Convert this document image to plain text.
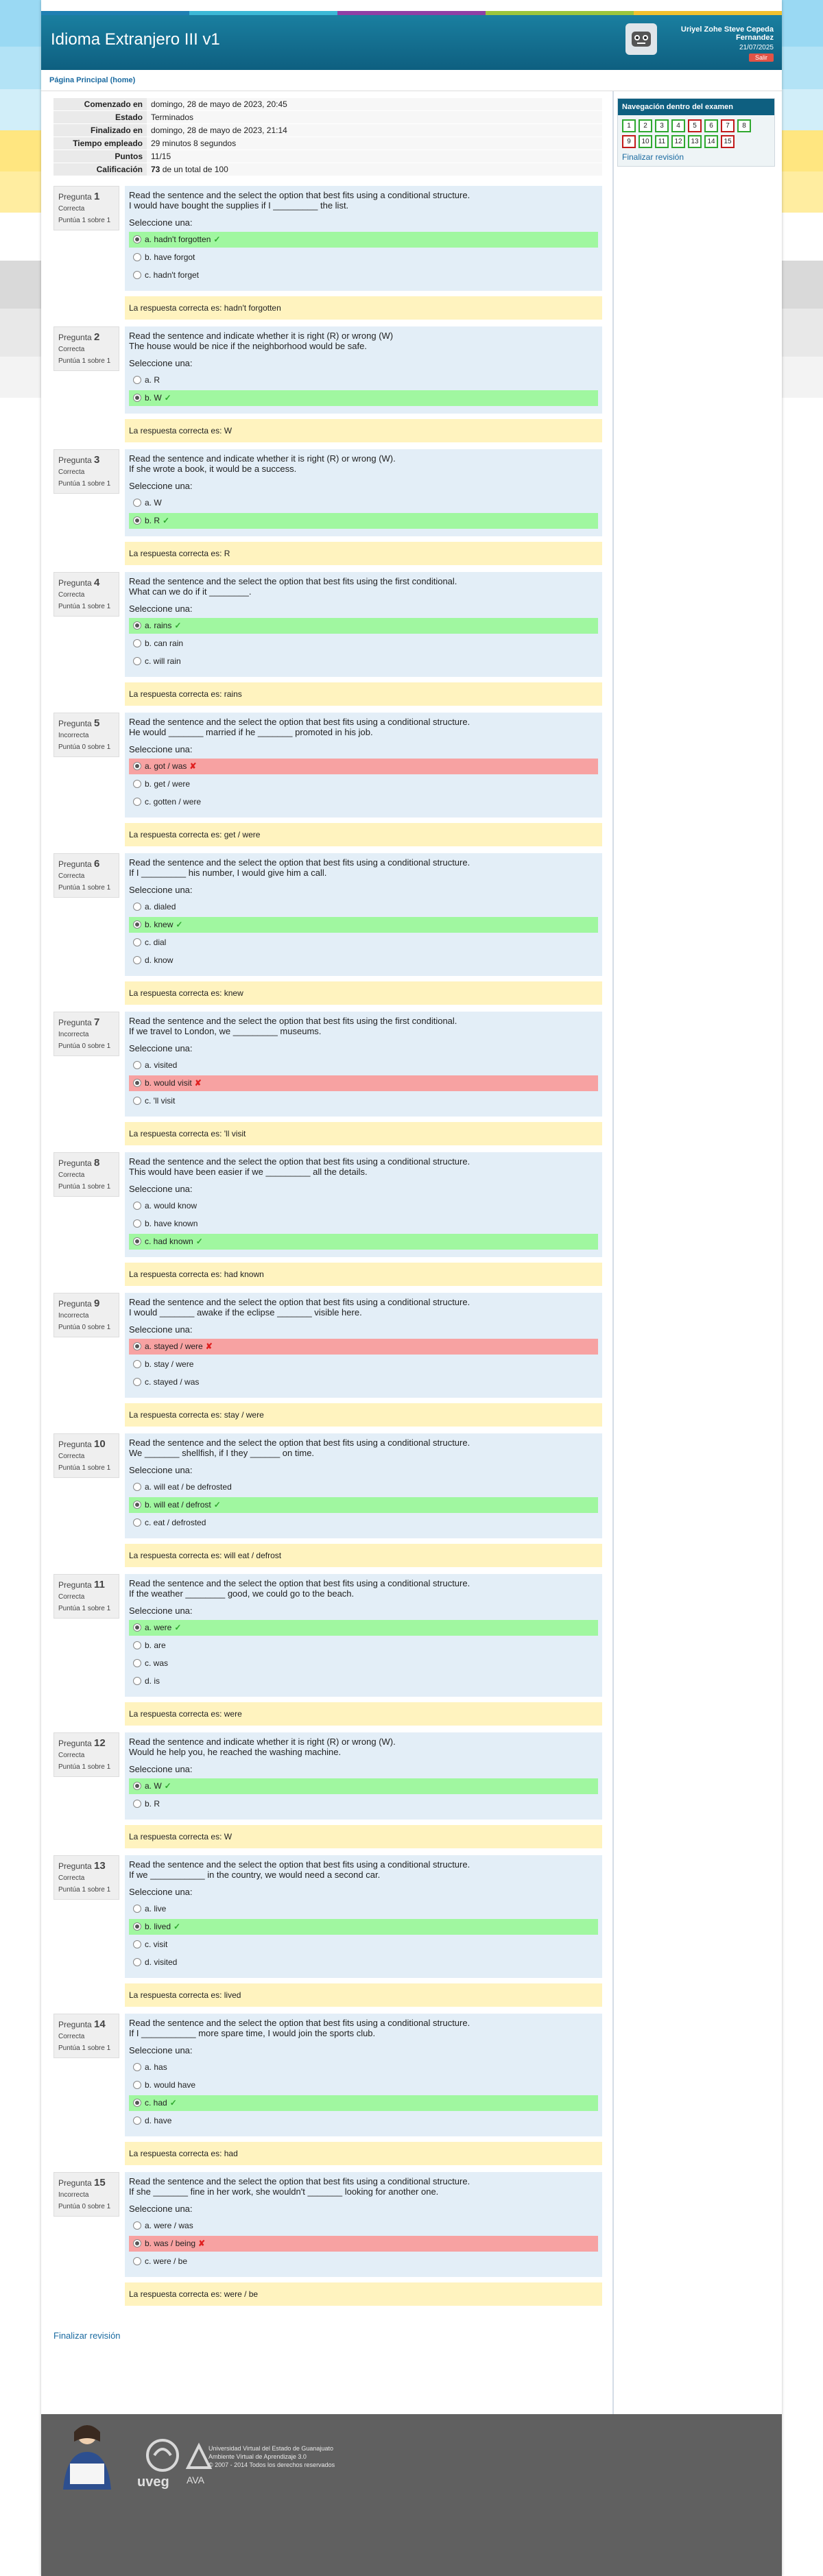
Idioma Extranjero III v1
Uriyel Zohe Steve Cepeda Fernandez
21/07/2025
Salir
Página Principal (home)
Comenzado en	domingo, 28 de mayo de 2023, 20:45
Estado	Terminados
Finalizado en	domingo, 28 de mayo de 2023, 21:14
Tiempo empleado	29 minutos 8 segundos
Puntos	11/15
Calificación	73 de un total de 100
Pregunta 1
Correcta
Puntúa 1 sobre 1
Read the sentence and the select the option that best fits using a conditional structure.
I would have bought the supplies if I _________ the list.
Seleccione una:
a. hadn't forgotten ✓
b. have forgot
c. hadn't forget
La respuesta correcta es: hadn't forgotten
Pregunta 2
Correcta
Puntúa 1 sobre 1
Read the sentence and indicate whether it is right (R) or wrong (W)
The house would be nice if the neighborhood would be safe.
Seleccione una:
a. R
b. W ✓
La respuesta correcta es: W
Pregunta 3
Correcta
Puntúa 1 sobre 1
Read the sentence and indicate whether it is right (R) or wrong (W).
If she wrote a book, it would be a success.
Seleccione una:
a. W
b. R ✓
La respuesta correcta es: R
Pregunta 4
Correcta
Puntúa 1 sobre 1
Read the sentence and the select the option that best fits using the first conditional.
What can we do if it ________.
Seleccione una:
a. rains ✓
b. can rain
c. will rain
La respuesta correcta es: rains
Pregunta 5
Incorrecta
Puntúa 0 sobre 1
Read the sentence and the select the option that best fits using a conditional structure.
He would _______ married if he _______ promoted in his job.
Seleccione una:
a. got / was ✘
b. get / were
c. gotten / were
La respuesta correcta es: get / were
Pregunta 6
Correcta
Puntúa 1 sobre 1
Read the sentence and the select the option that best fits using a conditional structure.
If I _________ his number, I would give him a call.
Seleccione una:
a. dialed
b. knew ✓
c. dial
d. know
La respuesta correcta es: knew
Pregunta 7
Incorrecta
Puntúa 0 sobre 1
Read the sentence and the select the option that best fits using the first conditional.
If we travel to London, we _________ museums.
Seleccione una:
a. visited
b. would visit ✘
c. 'll visit
La respuesta correcta es: 'll visit
Pregunta 8
Correcta
Puntúa 1 sobre 1
Read the sentence and the select the option that best fits using a conditional structure.
This would have been easier if we _________ all the details.
Seleccione una:
a. would know
b. have known
c. had known ✓
La respuesta correcta es: had known
Pregunta 9
Incorrecta
Puntúa 0 sobre 1
Read the sentence and the select the option that best fits using a conditional structure.
I would _______ awake if the eclipse _______ visible here.
Seleccione una:
a. stayed / were ✘
b. stay / were
c. stayed / was
La respuesta correcta es: stay / were
Pregunta 10
Correcta
Puntúa 1 sobre 1
Read the sentence and the select the option that best fits using a conditional structure.
We _______ shellfish, if I they ______ on time.
Seleccione una:
a. will eat / be defrosted
b. will eat / defrost ✓
c. eat / defrosted
La respuesta correcta es: will eat / defrost
Pregunta 11
Correcta
Puntúa 1 sobre 1
Read the sentence and the select the option that best fits using a conditional structure.
If the weather ________ good, we could go to the beach.
Seleccione una:
a. were ✓
b. are
c. was
d. is
La respuesta correcta es: were
Pregunta 12
Correcta
Puntúa 1 sobre 1
Read the sentence and indicate whether it is right (R) or wrong (W).
Would he help you, he reached the washing machine.
Seleccione una:
a. W ✓
b. R
La respuesta correcta es: W
Pregunta 13
Correcta
Puntúa 1 sobre 1
Read the sentence and the select the option that best fits using a conditional structure.
If we ___________ in the country, we would need a second car.
Seleccione una:
a. live
b. lived ✓
c. visit
d. visited
La respuesta correcta es: lived
Pregunta 14
Correcta
Puntúa 1 sobre 1
Read the sentence and the select the option that best fits using a conditional structure.
If I ___________ more spare time, I would join the sports club.
Seleccione una:
a. has
b. would have
c. had ✓
d. have
La respuesta correcta es: had
Pregunta 15
Incorrecta
Puntúa 0 sobre 1
Read the sentence and the select the option that best fits using a conditional structure.
If she _______ fine in her work, she wouldn't _______ looking for another one.
Seleccione una:
a. were / was
b. was / being ✘
c. were / be
La respuesta correcta es: were / be
Finalizar revisión
Navegación dentro del examen
1	2	3	4	5	6	7	8
9	10	11	12	13	14	15
Finalizar revisión
uveg AVA
Universidad Virtual del Estado de Guanajuato
Ambiente Virtual de Aprendizaje 3.0
© 2007 - 2014 Todos los derechos reservados
